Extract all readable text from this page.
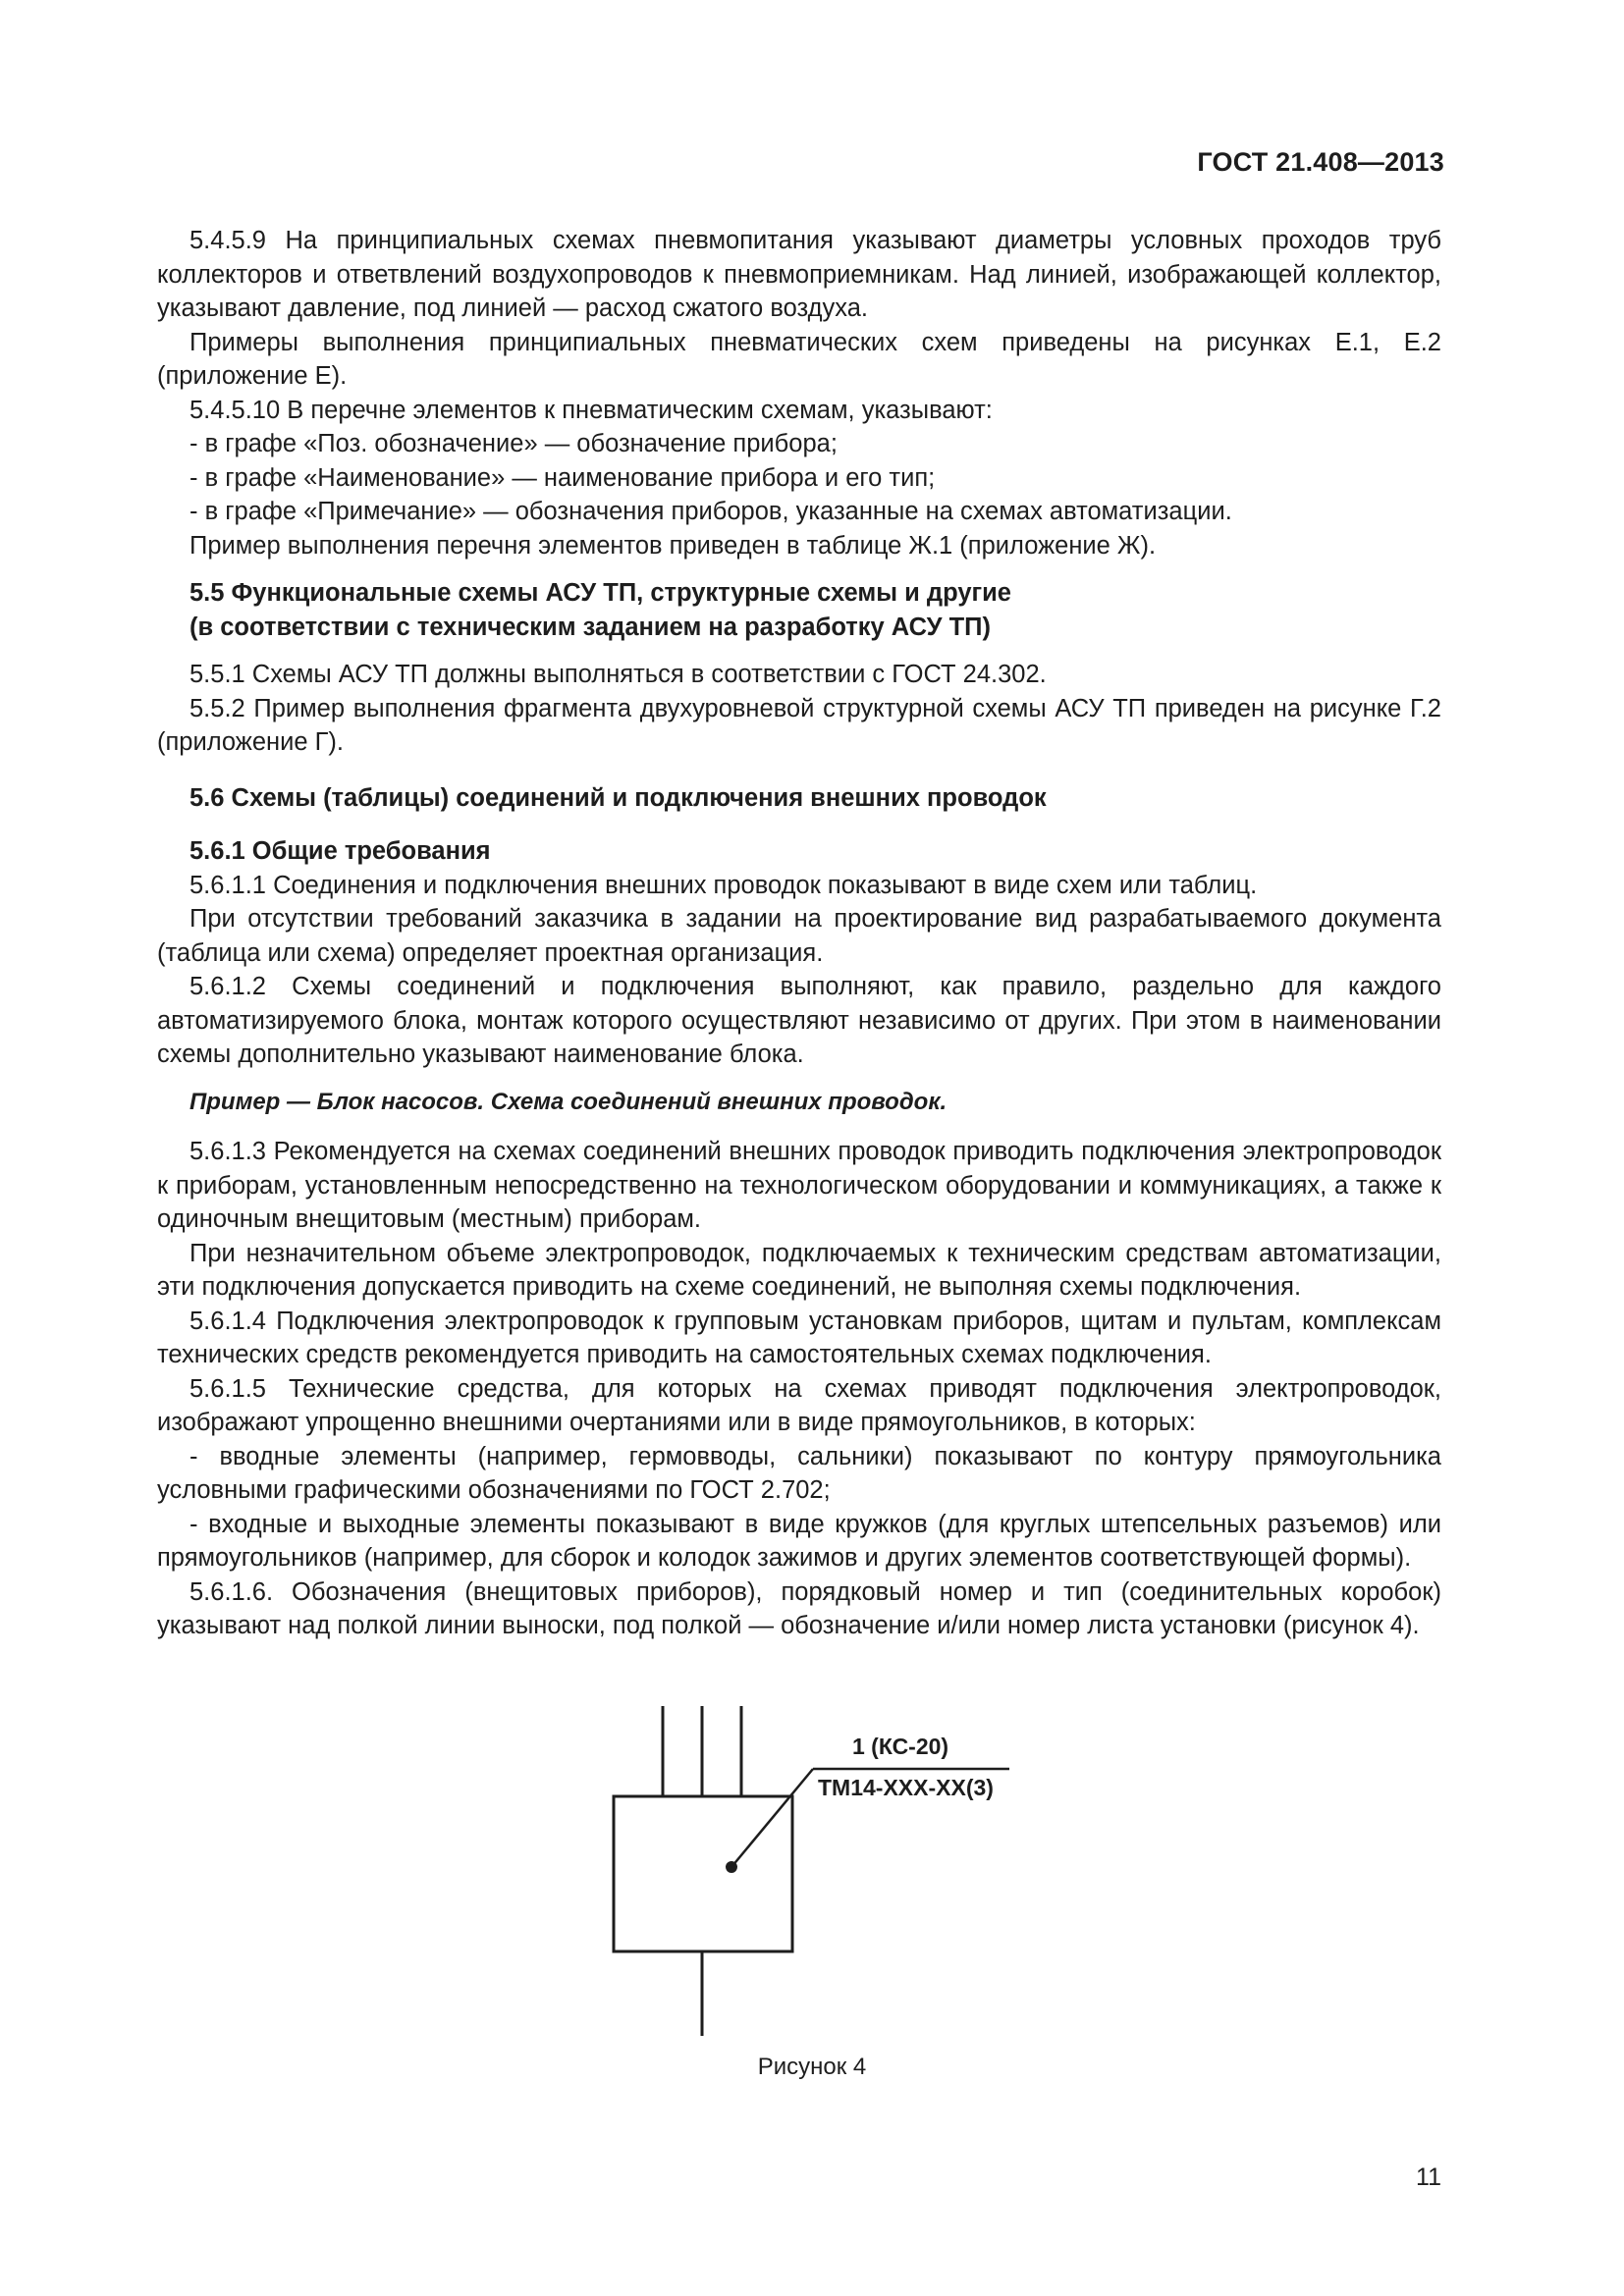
ГОСТ 21.408—2013

5.4.5.9 На принципиальных схемах пневмопитания указывают диаметры условных проходов труб коллекторов и ответвлений воздухопроводов к пневмоприемникам. Над линией, изображающей коллектор, указывают давление, под линией — расход сжатого воздуха.

Примеры выполнения принципиальных пневматических схем приведены на рисунках Е.1, Е.2 (приложение Е).

5.4.5.10 В перечне элементов к пневматическим схемам, указывают:

- в графе «Поз. обозначение» — обозначение прибора;

- в графе «Наименование» — наименование прибора и его тип;

- в графе «Примечание» — обозначения приборов, указанные на схемах автоматизации.

Пример выполнения перечня элементов приведен в таблице Ж.1 (приложение Ж).

5.5 Функциональные схемы АСУ ТП, структурные схемы и другие
(в соответствии с техническим заданием на разработку АСУ ТП)

5.5.1 Схемы АСУ ТП должны выполняться в соответствии с ГОСТ 24.302.

5.5.2 Пример выполнения фрагмента двухуровневой структурной схемы АСУ ТП приведен на рисунке Г.2 (приложение Г).

5.6 Схемы (таблицы) соединений и подключения внешних проводок
5.6.1 Общие требования

5.6.1.1 Соединения и подключения внешних проводок показывают в виде схем или таблиц.

При отсутствии требований заказчика в задании на проектирование вид разрабатываемого документа (таблица или схема) определяет проектная организация.

5.6.1.2 Схемы соединений и подключения выполняют, как правило, раздельно для каждого автоматизируемого блока, монтаж которого осуществляют независимо от других. При этом в наименовании схемы дополнительно указывают наименование блока.

Пример — Блок насосов. Схема соединений внешних проводок.

5.6.1.3 Рекомендуется на схемах соединений внешних проводок приводить подключения электропроводок к приборам, установленным непосредственно на технологическом оборудовании и коммуникациях, а также к одиночным внещитовым (местным) приборам.

При незначительном объеме электропроводок, подключаемых к техническим средствам автоматизации, эти подключения допускается приводить на схеме соединений, не выполняя схемы подключения.

5.6.1.4 Подключения электропроводок к групповым установкам приборов, щитам и пультам, комплексам технических средств рекомендуется приводить на самостоятельных схемах подключения.

5.6.1.5 Технические средства, для которых на схемах приводят подключения электропроводок, изображают упрощенно внешними очертаниями или в виде прямоугольников, в которых:

- вводные элементы (например, гермовводы, сальники) показывают по контуру прямоугольника условными графическими обозначениями по ГОСТ 2.702;

- входные и выходные элементы показывают в виде кружков (для круглых штепсельных разъемов) или прямоугольников (например, для сборок и колодок зажимов и других элементов соответствующей формы).

5.6.1.6. Обозначения (внещитовых приборов), порядковый номер и тип (соединительных коробок) указывают над полкой линии выноски, под полкой — обозначение и/или номер листа установки (рисунок 4).

1 (КС-20)
ТМ14-ХХХ-ХХ(3)
Рисунок 4
11
